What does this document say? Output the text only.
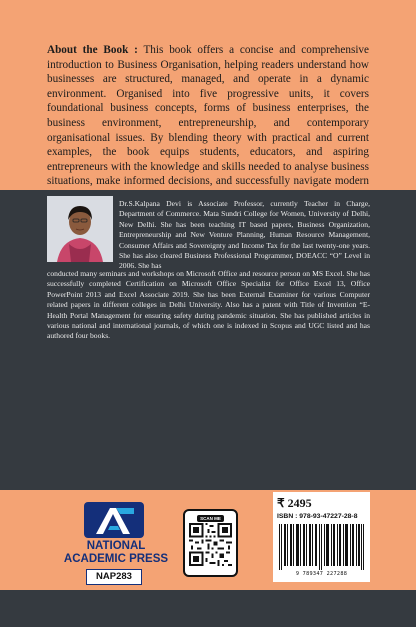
About the Book : This book offers a concise and comprehensive introduction to Business Organisation, helping readers understand how businesses are structured, managed, and operate in a dynamic environment. Organised into five progressive units, it covers foundational business concepts, forms of business enterprises, the business environment, entrepreneurship, and contemporary organisational issues. By blending theory with practical and current examples, the book equips students, educators, and aspiring entrepreneurs with the knowledge and skills needed to analyse business situations, make informed decisions, and successfully navigate modern
Dr.S.Kalpana Devi is Associate Professor, currently Teacher in Charge, Department of Commerce. Mata Sundri College for Women, University of Delhi, New Delhi. She has been teaching IT based papers, Business Organization, Entrepreneurship and New Venture Planning, Human Resource Management, Consumer Affairs and Sovereignty and Income Tax for the last twenty-one years. She has also cleared Business Professional Programmer, DOEACC “O” Level in 2006. She has
conducted many seminars and workshops on Microsoft Office and resource person on MS Excel. She has successfully completed Certification on Microsoft Office Specialist for Office Excel 13, Office PowerPoint 2013 and Excel Associate 2019. She has been External Examiner for various Computer related papers in different colleges in Delhi University. Also has a patent with Title of Invention “E-Health Portal Management for ensuring safety during pandemic situation. She has published articles in various national and international journals, of which one is indexed in Scopus and UGC listed and has authored four books.
NATIONAL
ACADEMIC PRESS
NAP283
SCAN ME
₹ 2495
ISBN : 978-93-47227-28-8
9 789347 227288
